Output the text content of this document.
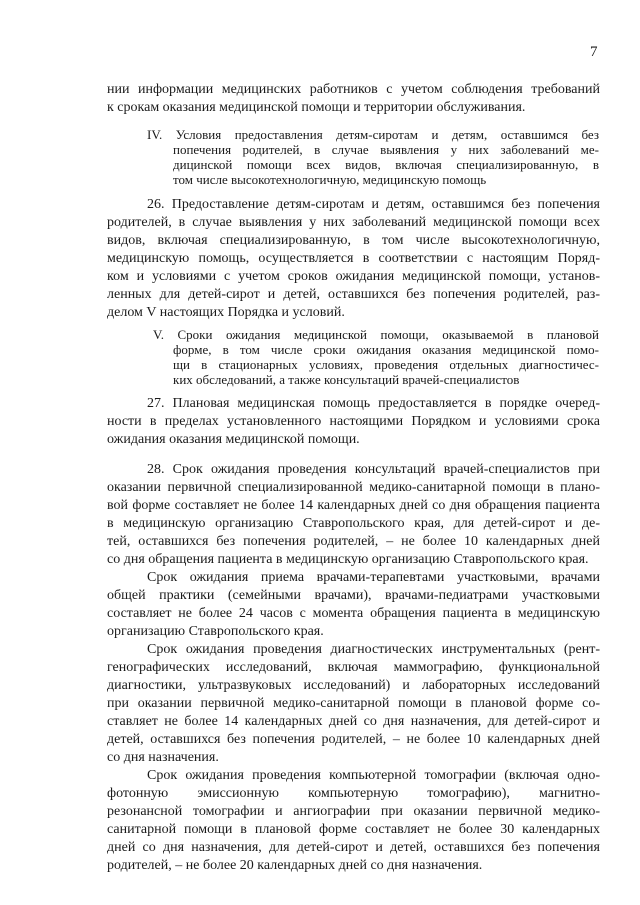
7
нии информации медицинских работников с учетом соблюдения требований
к срокам оказания медицинской помощи и территории обслуживания.
IV. Условия предоставления детям-сиротам и детям, оставшимся без
попечения родителей, в случае выявления у них заболеваний ме-
дицинской помощи всех видов, включая специализированную, в
том числе высокотехнологичную, медицинскую помощь
26. Предоставление детям-сиротам и детям, оставшимся без попечения
родителей, в случае выявления у них заболеваний медицинской помощи всех
видов, включая специализированную, в том числе высокотехнологичную,
медицинскую помощь, осуществляется в соответствии с настоящим Поряд-
ком и условиями с учетом сроков ожидания медицинской помощи, установ-
ленных для детей-сирот и детей, оставшихся без попечения родителей, раз-
делом V настоящих Порядка и условий.
V. Сроки ожидания медицинской помощи, оказываемой в плановой
форме, в том числе сроки ожидания оказания медицинской помо-
щи в стационарных условиях, проведения отдельных диагностичес-
ких обследований, а также консультаций врачей-специалистов
27. Плановая медицинская помощь предоставляется в порядке очеред-
ности в пределах установленного настоящими Порядком и условиями срока
ожидания оказания медицинской помощи.
28. Срок ожидания проведения консультаций врачей-специалистов при
оказании первичной специализированной медико-санитарной помощи в плано-
вой форме составляет не более 14 календарных дней со дня обращения пациента
в медицинскую организацию Ставропольского края, для детей-сирот и де-
тей, оставшихся без попечения родителей, – не более 10 календарных дней
со дня обращения пациента в медицинскую организацию Ставропольского края.
Срок ожидания приема врачами-терапевтами участковыми, врачами
общей практики (семейными врачами), врачами-педиатрами участковыми
составляет не более 24 часов с момента обращения пациента в медицинскую
организацию Ставропольского края.
Срок ожидания проведения диагностических инструментальных (рент-
генографических исследований, включая маммографию, функциональной
диагностики, ультразвуковых исследований) и лабораторных исследований
при оказании первичной медико-санитарной помощи в плановой форме со-
ставляет не более 14 календарных дней со дня назначения, для детей-сирот и
детей, оставшихся без попечения родителей, – не более 10 календарных дней
со дня назначения.
Срок ожидания проведения компьютерной томографии (включая одно-
фотонную эмиссионную компьютерную томографию), магнитно-
резонансной томографии и ангиографии при оказании первичной медико-
санитарной помощи в плановой форме составляет не более 30 календарных
дней со дня назначения, для детей-сирот и детей, оставшихся без попечения
родителей, – не более 20 календарных дней со дня назначения.
